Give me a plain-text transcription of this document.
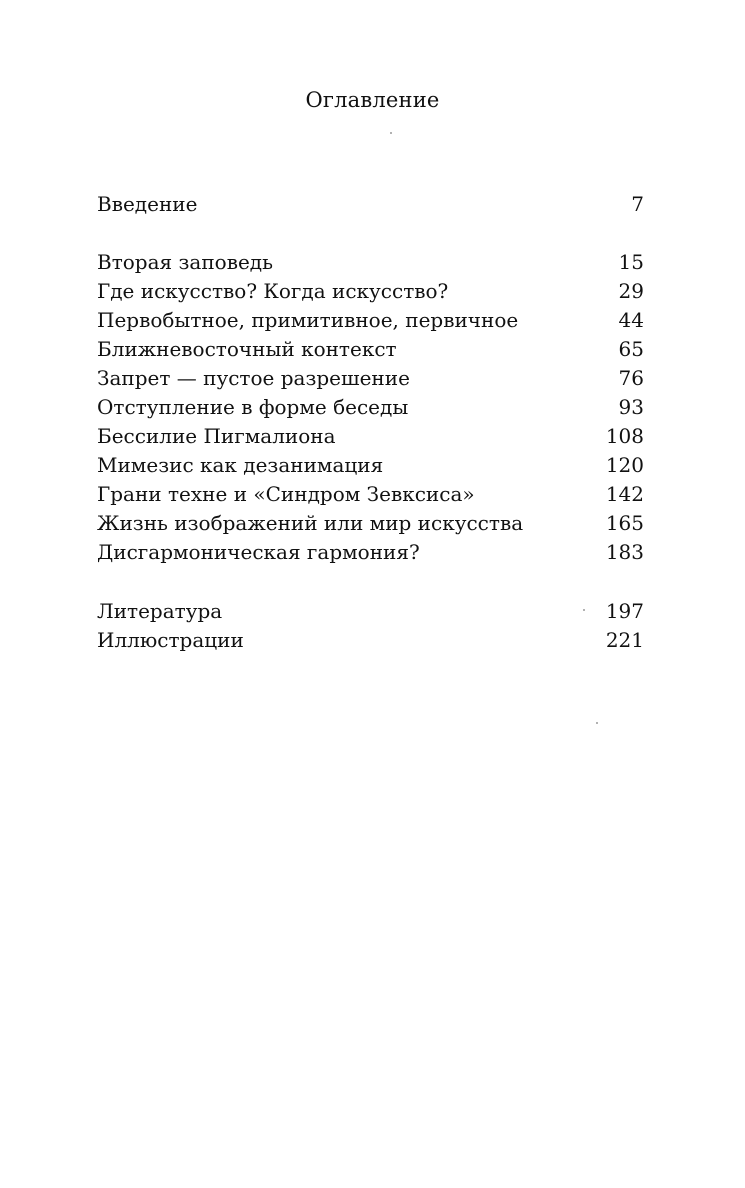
Оглавление
Введение	7
Вторая заповедь	15
Где искусство? Когда искусство?	29
Первобытное, примитивное, первичное	44
Ближневосточный контекст	65
Запрет — пустое разрешение	76
Отступление в форме беседы	93
Бессилие Пигмалиона	108
Мимезис как дезанимация	120
Грани техне и «Синдром Зевксиса»	142
Жизнь изображений или мир искусства	165
Дисгармоническая гармония?	183
Литература	197
Иллюстрации	221
